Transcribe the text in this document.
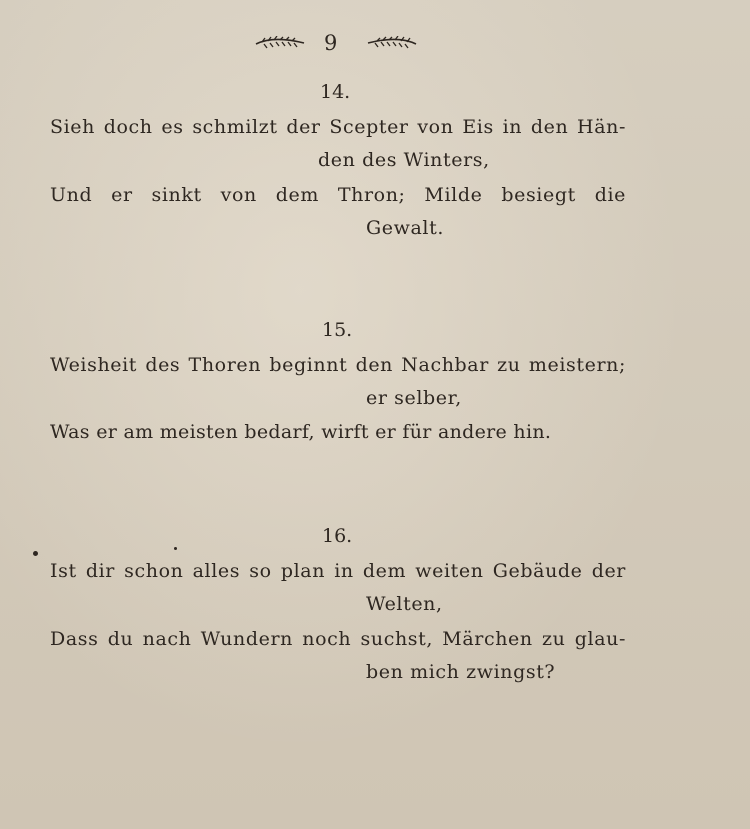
9
14.

Sieh doch es schmilzt der Scepter von Eis in den Hän-

den des Winters,

Und er sinkt von dem Thron; Milde besiegt die

Gewalt.

15.

Weisheit des Thoren beginnt den Nachbar zu meistern;

er selber,

Was er am meisten bedarf, wirft er für andere hin.

16.

Ist dir schon alles so plan in dem weiten Gebäude der

Welten,

Dass du nach Wundern noch suchst, Märchen zu glau-

ben mich zwingst?
